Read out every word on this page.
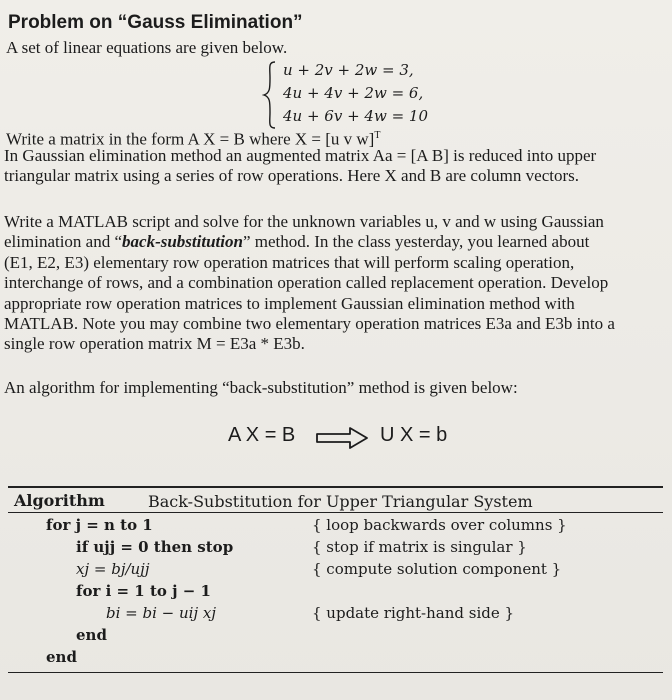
Problem on “Gauss Elimination”
A set of linear equations are given below.
u + 2v + 2w = 3,
4u + 4v + 2w = 6,
4u + 6v + 4w = 10
Write a matrix in the form A X = B where X = [u v w]$^T$
In Gaussian elimination method an augmented matrix Aa = [A B] is reduced into upper
triangular matrix using a series of row operations. Here X and B are column vectors.
Write a MATLAB script and solve for the unknown variables u, v and w using Gaussian
elimination and “back-substitution” method. In the class yesterday, you learned about
(E1, E2, E3) elementary row operation matrices that will perform scaling operation,
interchange of rows, and a combination operation called replacement operation. Develop
appropriate row operation matrices to implement Gaussian elimination method with
MATLAB. Note you may combine two elementary operation matrices E3a and E3b into a
single row operation matrix M = E3a * E3b.
An algorithm for implementing “back-substitution” method is given below:
A X = B	U X = b
Algorithm	Back-Substitution for Upper Triangular System
for j = n to 1	{ loop backwards over columns }
if ujj = 0 then stop	{ stop if matrix is singular }
xj = bj/ujj	{ compute solution component }
for i = 1 to j − 1
bi = bi − uij xj	{ update right-hand side }
end
end
